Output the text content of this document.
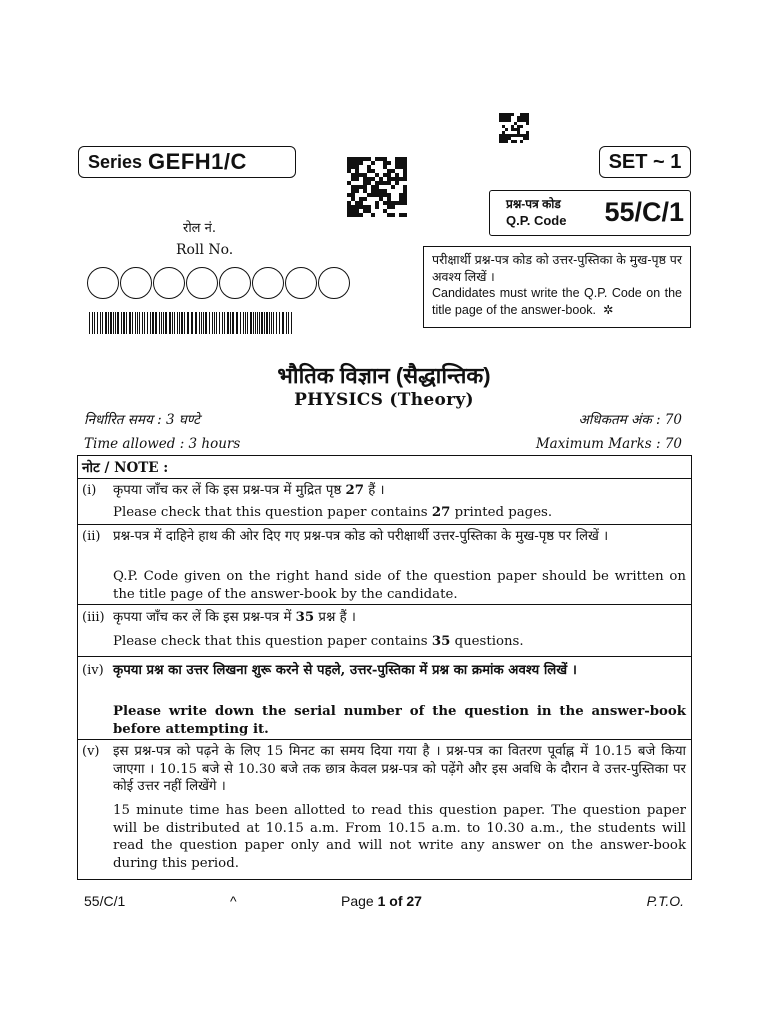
Series GEFH1/C	SET ~ 1
प्रश्न-पत्र कोड
Q.P. Code 55/C/1
रोल नं.
Roll No.
परीक्षार्थी प्रश्न-पत्र कोड को उत्तर-पुस्तिका के मुख-पृष्ठ पर अवश्य लिखें ।
Candidates must write the Q.P. Code on the title page of the answer-book. ✲
भौतिक विज्ञान (सैद्धान्तिक)
PHYSICS (Theory)
निर्धारित समय : 3 घण्टे	अधिकतम अंक : 70
Time allowed : 3 hours	Maximum Marks : 70
नोट / NOTE :
(i) कृपया जाँच कर लें कि इस प्रश्न-पत्र में मुद्रित पृष्ठ 27 हैं ।
Please check that this question paper contains 27 printed pages.
(ii) प्रश्न-पत्र में दाहिने हाथ की ओर दिए गए प्रश्न-पत्र कोड को परीक्षार्थी उत्तर-पुस्तिका के मुख-पृष्ठ पर लिखें ।
Q.P. Code given on the right hand side of the question paper should be written on the title page of the answer-book by the candidate.
(iii) कृपया जाँच कर लें कि इस प्रश्न-पत्र में 35 प्रश्न हैं ।
Please check that this question paper contains 35 questions.
(iv) कृपया प्रश्न का उत्तर लिखना शुरू करने से पहले, उत्तर-पुस्तिका में प्रश्न का क्रमांक अवश्य लिखें ।
Please write down the serial number of the question in the answer-book before attempting it.
(v) इस प्रश्न-पत्र को पढ़ने के लिए 15 मिनट का समय दिया गया है । प्रश्न-पत्र का वितरण पूर्वाह्न में 10.15 बजे किया जाएगा । 10.15 बजे से 10.30 बजे तक छात्र केवल प्रश्न-पत्र को पढ़ेंगे और इस अवधि के दौरान वे उत्तर-पुस्तिका पर कोई उत्तर नहीं लिखेंगे ।
15 minute time has been allotted to read this question paper. The question paper will be distributed at 10.15 a.m. From 10.15 a.m. to 10.30 a.m., the students will read the question paper only and will not write any answer on the answer-book during this period.
55/C/1	^	Page 1 of 27	P.T.O.
